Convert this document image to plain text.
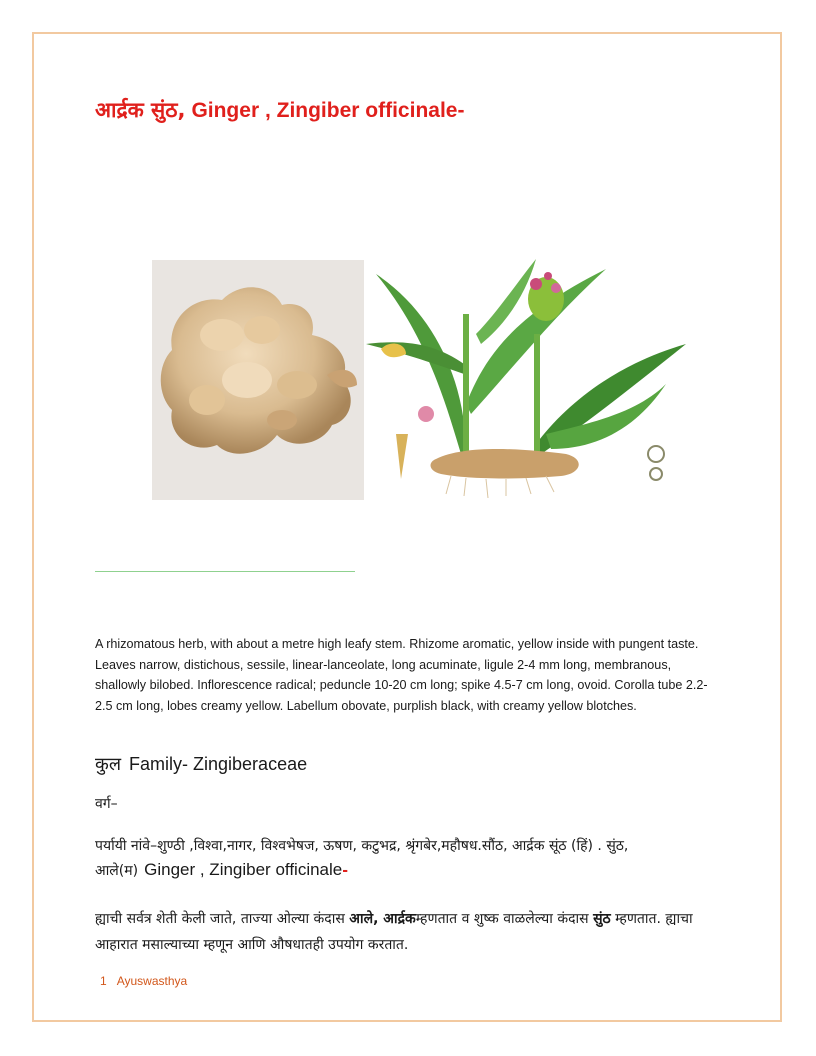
आर्द्रक सुंठ, Ginger , Zingiber officinale-

A rhizomatous herb, with about a metre high leafy stem. Rhizome aromatic, yellow inside with pungent taste. Leaves narrow, distichous, sessile, linear-lanceolate, long acuminate, ligule 2-4 mm long, membranous, shallowly bilobed. Inflorescence radical; peduncle 10-20 cm long; spike 4.5-7 cm long, ovoid. Corolla tube 2.2-2.5 cm long, lobes creamy yellow. Labellum obovate, purplish black, with creamy yellow blotches.

कुल Family- Zingiberaceae

वर्ग–

पर्यायी नांवे–शुण्ठी ,विश्वा,नागर, विश्वभेषज, ऊषण, कटुभद्र, श्रृंगबेर,महौषध.सौंठ, आर्द्रक सूंठ (हिं) . सुंठ, आले(म) Ginger , Zingiber officinale-

ह्याची सर्वत्र शेती केली जाते, ताज्या ओल्या कंदास आले, आर्द्रकम्हणतात व शुष्क वाळलेल्या कंदास सुंठ म्हणतात. ह्याचा आहारात मसाल्याच्या म्हणून आणि औषधातही उपयोग करतात.

1 Ayuswasthya
